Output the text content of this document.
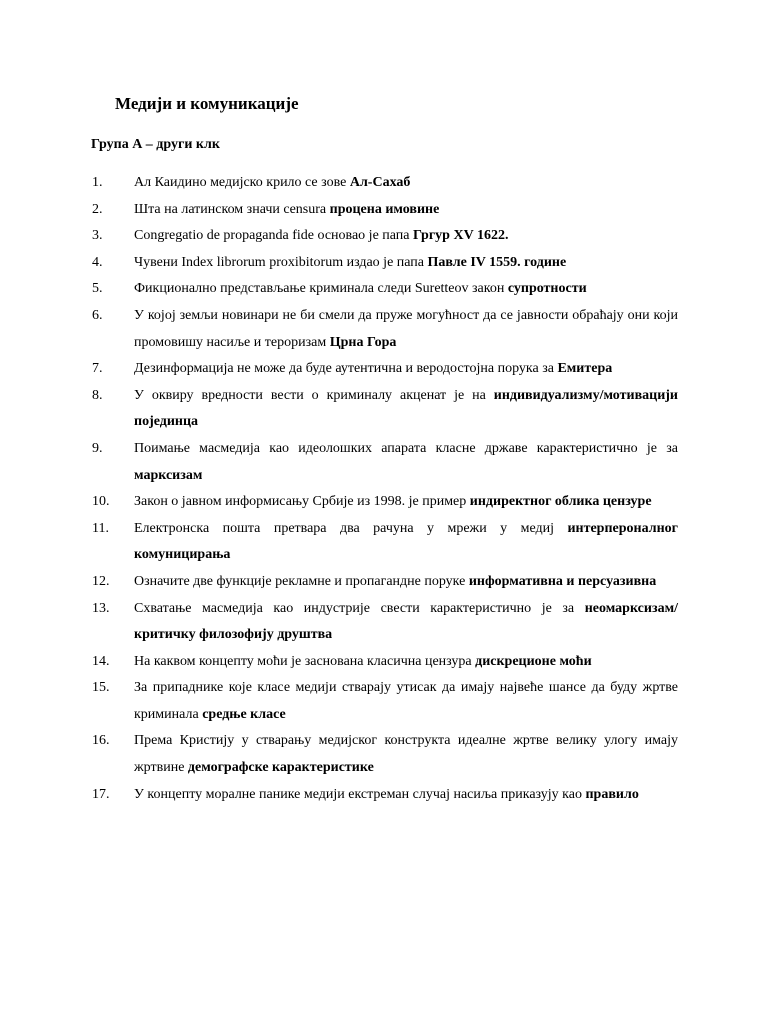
Медији и комуникације
Група А – други клк
1.	Ал Каидино медијско крило се зове Ал-Сахаб
2.	Шта на латинском значи censura процена имовине
3.	Congregatio de propaganda fide основао је папа Гргур XV 1622.
4.	Чувени Index librorum proxibitorum издао је папа Павле IV 1559. године
5.	Фикционално представљање криминала следи Suretteov закон супротности
6.	У којој земљи новинари не би смели да пруже могућност да се јавности обраћају они који промовишу насиље и тероризам Црна Гора
7.	Дезинформација не може да буде аутентична и веродостојна порука за Емитера
8.	У оквиру вредности вести о криминалу акценат је на индивидуализму/мотивацији појединца
9.	Поимање масмедија као идеолошких апарата класне државе карактеристично је за марксизам
10.	Закон о јавном информисању Србије из 1998. је пример индиректног облика цензуре
11.	Електронска пошта претвара два рачуна у мрежи у медиј интерпероналног комуницирања
12.	Означите две функције рекламне и пропагандне поруке информативна и персуазивна
13.	Схватање масмедија као индустрије свести карактеристично је за неомарксизам/критичку филозофију друштва
14.	На каквом концепту моћи је заснована класична цензура дискреционе моћи
15.	За припаднике које класе медији стварају утисак да имају највеће шансе да буду жртве криминала средње класе
16.	Према Кристију у стварању медијског конструкта идеалне жртве велику улогу имају жртвине демографске карактеристике
17.	У концепту моралне панике медији екстреман случај насиља приказују као правило
